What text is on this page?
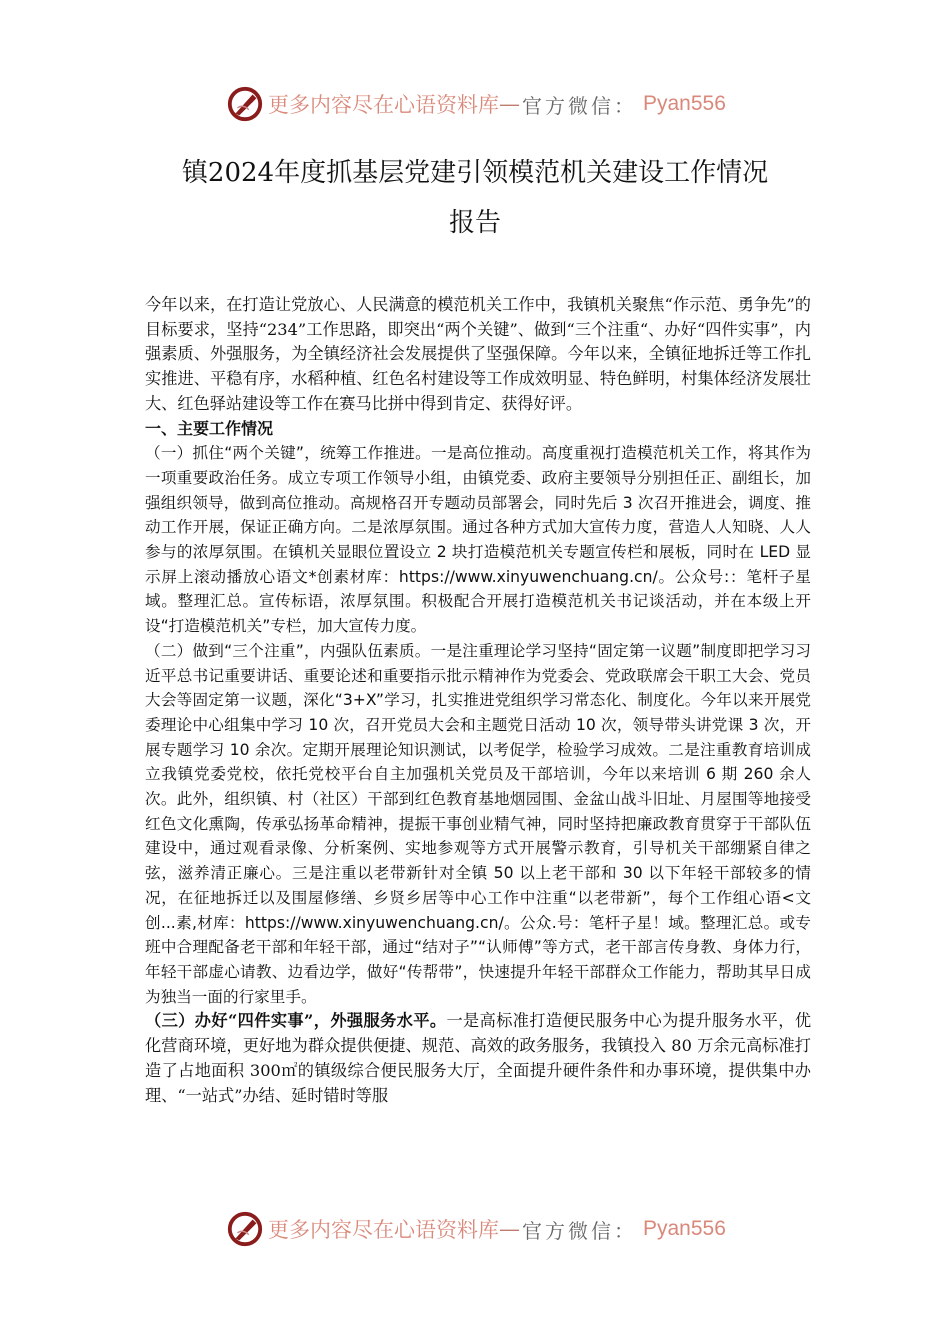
更多内容尽在心语资料库 — 官方微信： Pyan556
镇2024年度抓基层党建引领模范机关建设工作情况
报告

今年以来，在打造让党放心、人民满意的模范机关工作中，我镇机关聚焦“作示范、勇争先”的目标要求，坚持“234”工作思路，即突出“两个关键”、做到“三个注重“、办好“四件实事”，内强素质、外强服务，为全镇经济社会发展提供了坚强保障。今年以来，全镇征地拆迁等工作扎实推进、平稳有序，水稻种植、红色名村建设等工作成效明显、特色鲜明，村集体经济发展壮大、红色驿站建设等工作在赛马比拼中得到肯定、获得好评。

一、主要工作情况

（一）抓住“两个关键”，统筹工作推进。一是高位推动。高度重视打造模范机关工作，将其作为一项重要政治任务。成立专项工作领导小组，由镇党委、政府主要领导分别担任正、副组长，加强组织领导，做到高位推动。高规格召开专题动员部署会，同时先后 3 次召开推进会，调度、推动工作开展，保证正确方向。二是浓厚氛围。通过各种方式加大宣传力度，营造人人知晓、人人参与的浓厚氛围。在镇机关显眼位置设立 2 块打造模范机关专题宣传栏和展板，同时在 LED 显示屏上滚动播放心语文*创素材库：https://www.xinyuwenchuang.cn/。公众号:：笔杆子星域。整理汇总。宣传标语，浓厚氛围。积极配合开展打造模范机关书记谈活动，并在本级上开设“打造模范机关”专栏，加大宣传力度。

（二）做到“三个注重”，内强队伍素质。一是注重理论学习坚持“固定第一议题”制度即把学习习近平总书记重要讲话、重要论述和重要指示批示精神作为党委会、党政联席会干职工大会、党员大会等固定第一议题，深化“3+X”学习，扎实推进党组织学习常态化、制度化。今年以来开展党委理论中心组集中学习 10 次，召开党员大会和主题党日活动 10 次，领导带头讲党课 3 次，开展专题学习 10 余次。定期开展理论知识测试，以考促学，检验学习成效。二是注重教育培训成立我镇党委党校，依托党校平台自主加强机关党员及干部培训，今年以来培训 6 期 260 余人次。此外，组织镇、村（社区）干部到红色教育基地烟园围、金盆山战斗旧址、月屋围等地接受红色文化熏陶，传承弘扬革命精神，提振干事创业精气神，同时坚持把廉政教育贯穿于干部队伍建设中，通过观看录像、分析案例、实地参观等方式开展警示教育，引导机关干部绷紧自律之弦，滋养清正廉心。三是注重以老带新针对全镇 50 以上老干部和 30 以下年轻干部较多的情况，在征地拆迁以及围屋修缮、乡贤乡居等中心工作中注重“以老带新”，每个工作组心语<文创...素,材库：https://www.xinyuwenchuang.cn/。公众.号：笔杆子星！域。整理汇总。或专班中合理配备老干部和年轻干部，通过“结对子”“认师傅”等方式，老干部言传身教、身体力行，年轻干部虚心请教、边看边学，做好“传帮带”，快速提升年轻干部群众工作能力，帮助其早日成为独当一面的行家里手。

（三）办好“四件实事”，外强服务水平。一是高标准打造便民服务中心为提升服务水平，优化营商环境，更好地为群众提供便捷、规范、高效的政务服务，我镇投入 80 万余元高标准打造了占地面积 300㎡的镇级综合便民服务大厅，全面提升硬件条件和办事环境，提供集中办理、“一站式”办结、延时错时等服

更多内容尽在心语资料库 — 官方微信： Pyan556
